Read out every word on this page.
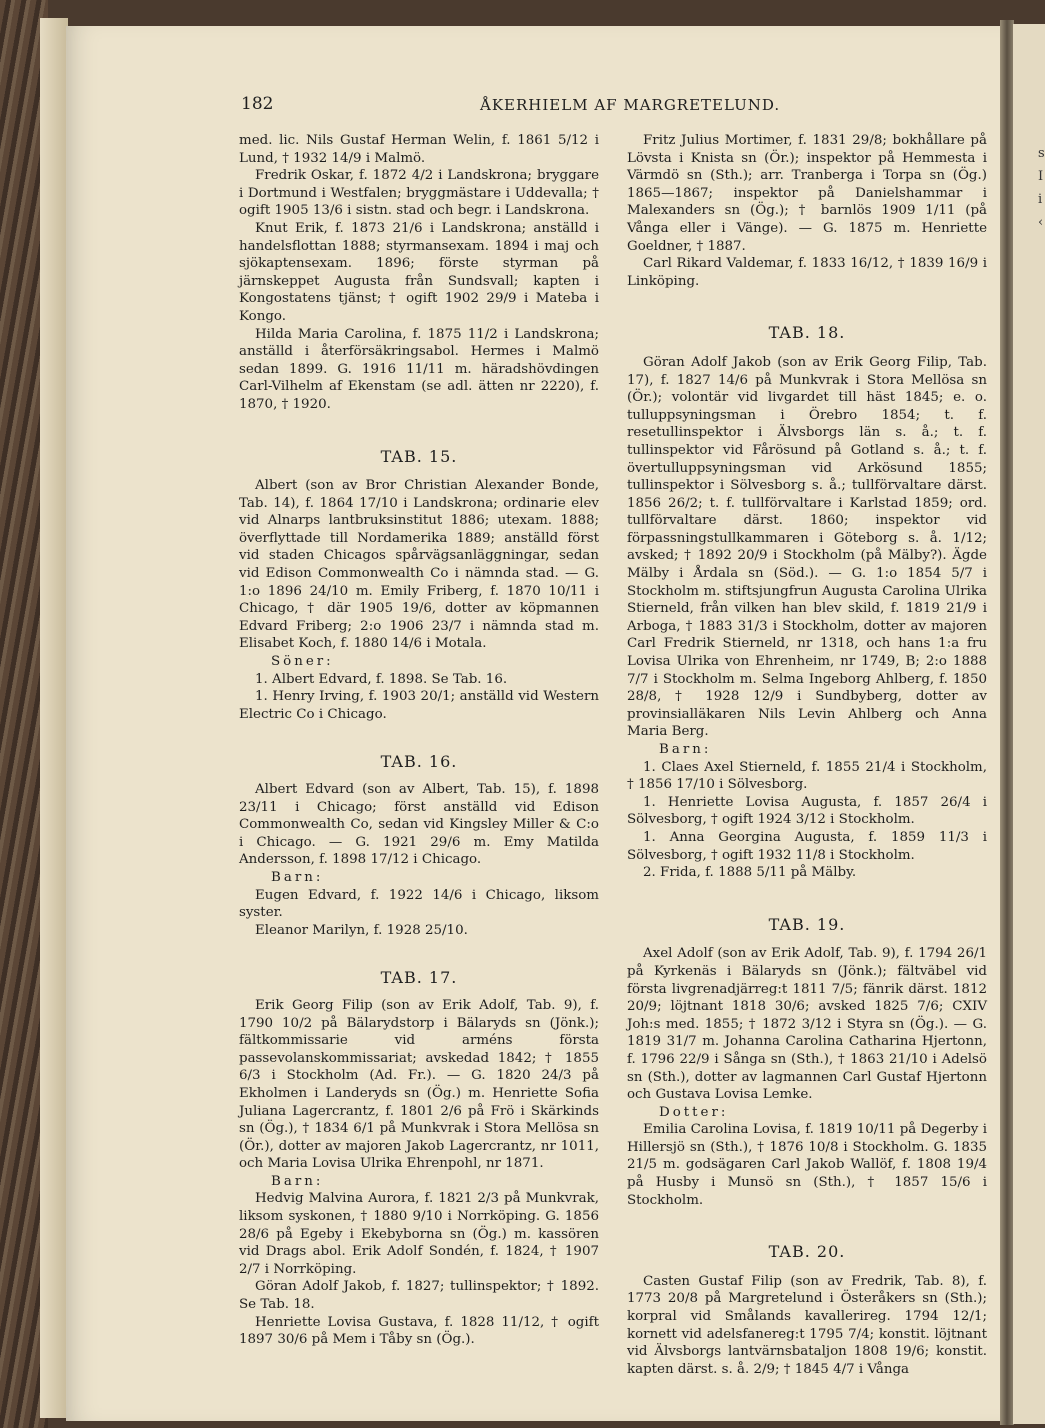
s
I
i
‹
182	ÅKERHIELM AF MARGRETELUND.

med. lic. Nils Gustaf Herman Welin, f. 1861 5/12 i Lund, † 1932 14/9 i Malmö.

Fredrik Oskar, f. 1872 4/2 i Landskrona; bryggare i Dortmund i Westfalen; bryggmästare i Uddevalla; † ogift 1905 13/6 i sistn. stad och begr. i Landskrona.

Knut Erik, f. 1873 21/6 i Landskrona; anställd i handelsflottan 1888; styrmansexam. 1894 i maj och sjökaptensexam. 1896; förste styrman på järnskeppet Augusta från Sundsvall; kapten i Kongostatens tjänst; † ogift 1902 29/9 i Mateba i Kongo.

Hilda Maria Carolina, f. 1875 11/2 i Landskrona; anställd i återförsäkringsabol. Hermes i Malmö sedan 1899. G. 1916 11/11 m. häradshövdingen Carl-Vilhelm af Ekenstam (se adl. ätten nr 2220), f. 1870, † 1920.

TAB. 15.

Albert (son av Bror Christian Alexander Bonde, Tab. 14), f. 1864 17/10 i Landskrona; ordinarie elev vid Alnarps lantbruksinstitut 1886; utexam. 1888; överflyttade till Nordamerika 1889; anställd först vid staden Chicagos spårvägsanläggningar, sedan vid Edison Commonwealth Co i nämnda stad. — G. 1:o 1896 24/10 m. Emily Friberg, f. 1870 10/11 i Chicago, † där 1905 19/6, dotter av köpmannen Edvard Friberg; 2:o 1906 23/7 i nämnda stad m. Elisabet Koch, f. 1880 14/6 i Motala.

Söner:

1. Albert Edvard, f. 1898. Se Tab. 16.

1. Henry Irving, f. 1903 20/1; anställd vid Western Electric Co i Chicago.

TAB. 16.

Albert Edvard (son av Albert, Tab. 15), f. 1898 23/11 i Chicago; först anställd vid Edison Commonwealth Co, sedan vid Kingsley Miller & C:o i Chicago. — G. 1921 29/6 m. Emy Matilda Andersson, f. 1898 17/12 i Chicago.

Barn:

Eugen Edvard, f. 1922 14/6 i Chicago, liksom syster.

Eleanor Marilyn, f. 1928 25/10.

TAB. 17.

Erik Georg Filip (son av Erik Adolf, Tab. 9), f. 1790 10/2 på Bälarydstorp i Bälaryds sn (Jönk.); fältkommissarie vid arméns första passevolanskommissariat; avskedad 1842; † 1855 6/3 i Stockholm (Ad. Fr.). — G. 1820 24/3 på Ekholmen i Landeryds sn (Ög.) m. Henriette Sofia Juliana Lagercrantz, f. 1801 2/6 på Frö i Skärkinds sn (Ög.), † 1834 6/1 på Munkvrak i Stora Mellösa sn (Ör.), dotter av majoren Jakob Lagercrantz, nr 1011, och Maria Lovisa Ulrika Ehrenpohl, nr 1871.

Barn:

Hedvig Malvina Aurora, f. 1821 2/3 på Munkvrak, liksom syskonen, † 1880 9/10 i Norrköping. G. 1856 28/6 på Egeby i Ekebyborna sn (Ög.) m. kassören vid Drags abol. Erik Adolf Sondén, f. 1824, † 1907 2/7 i Norrköping.

Göran Adolf Jakob, f. 1827; tullinspektor; † 1892. Se Tab. 18.

Henriette Lovisa Gustava, f. 1828 11/12, † ogift 1897 30/6 på Mem i Tåby sn (Ög.).

Fritz Julius Mortimer, f. 1831 29/8; bokhållare på Lövsta i Knista sn (Ör.); inspektor på Hemmesta i Värmdö sn (Sth.); arr. Tranberga i Torpa sn (Ög.) 1865—1867; inspektor på Danielshammar i Malexanders sn (Ög.); † barnlös 1909 1/11 (på Vånga eller i Vänge). — G. 1875 m. Henriette Goeldner, † 1887.

Carl Rikard Valdemar, f. 1833 16/12, † 1839 16/9 i Linköping.

TAB. 18.

Göran Adolf Jakob (son av Erik Georg Filip, Tab. 17), f. 1827 14/6 på Munkvrak i Stora Mellösa sn (Ör.); volontär vid livgardet till häst 1845; e. o. tulluppsyningsman i Örebro 1854; t. f. resetullinspektor i Älvsborgs län s. å.; t. f. tullinspektor vid Fårösund på Gotland s. å.; t. f. övertulluppsyningsman vid Arkösund 1855; tullinspektor i Sölvesborg s. å.; tullförvaltare därst. 1856 26/2; t. f. tullförvaltare i Karlstad 1859; ord. tullförvaltare därst. 1860; inspektor vid förpassningstullkammaren i Göteborg s. å. 1/12; avsked; † 1892 20/9 i Stockholm (på Mälby?). Ägde Mälby i Årdala sn (Söd.). — G. 1:o 1854 5/7 i Stockholm m. stiftsjungfrun Augusta Carolina Ulrika Stierneld, från vilken han blev skild, f. 1819 21/9 i Arboga, † 1883 31/3 i Stockholm, dotter av majoren Carl Fredrik Stierneld, nr 1318, och hans 1:a fru Lovisa Ulrika von Ehrenheim, nr 1749, B; 2:o 1888 7/7 i Stockholm m. Selma Ingeborg Ahlberg, f. 1850 28/8, † 1928 12/9 i Sundbyberg, dotter av provinsialläkaren Nils Levin Ahlberg och Anna Maria Berg.

Barn:

1. Claes Axel Stierneld, f. 1855 21/4 i Stockholm, † 1856 17/10 i Sölvesborg.

1. Henriette Lovisa Augusta, f. 1857 26/4 i Sölvesborg, † ogift 1924 3/12 i Stockholm.

1. Anna Georgina Augusta, f. 1859 11/3 i Sölvesborg, † ogift 1932 11/8 i Stockholm.

2. Frida, f. 1888 5/11 på Mälby.

TAB. 19.

Axel Adolf (son av Erik Adolf, Tab. 9), f. 1794 26/1 på Kyrkenäs i Bälaryds sn (Jönk.); fältväbel vid första livgrenadjärreg:t 1811 7/5; fänrik därst. 1812 20/9; löjtnant 1818 30/6; avsked 1825 7/6; CXIV Joh:s med. 1855; † 1872 3/12 i Styra sn (Ög.). — G. 1819 31/7 m. Johanna Carolina Catharina Hjertonn, f. 1796 22/9 i Sånga sn (Sth.), † 1863 21/10 i Adelsö sn (Sth.), dotter av lagmannen Carl Gustaf Hjertonn och Gustava Lovisa Lemke.

Dotter:

Emilia Carolina Lovisa, f. 1819 10/11 på Degerby i Hillersjö sn (Sth.), † 1876 10/8 i Stockholm. G. 1835 21/5 m. godsägaren Carl Jakob Wallöf, f. 1808 19/4 på Husby i Munsö sn (Sth.), † 1857 15/6 i Stockholm.

TAB. 20.

Casten Gustaf Filip (son av Fredrik, Tab. 8), f. 1773 20/8 på Margretelund i Österåkers sn (Sth.); korpral vid Smålands kavallerireg. 1794 12/1; kornett vid adelsfanereg:t 1795 7/4; konstit. löjtnant vid Älvsborgs lantvärnsbataljon 1808 19/6; konstit. kapten därst. s. å. 2/9; † 1845 4/7 i Vånga
